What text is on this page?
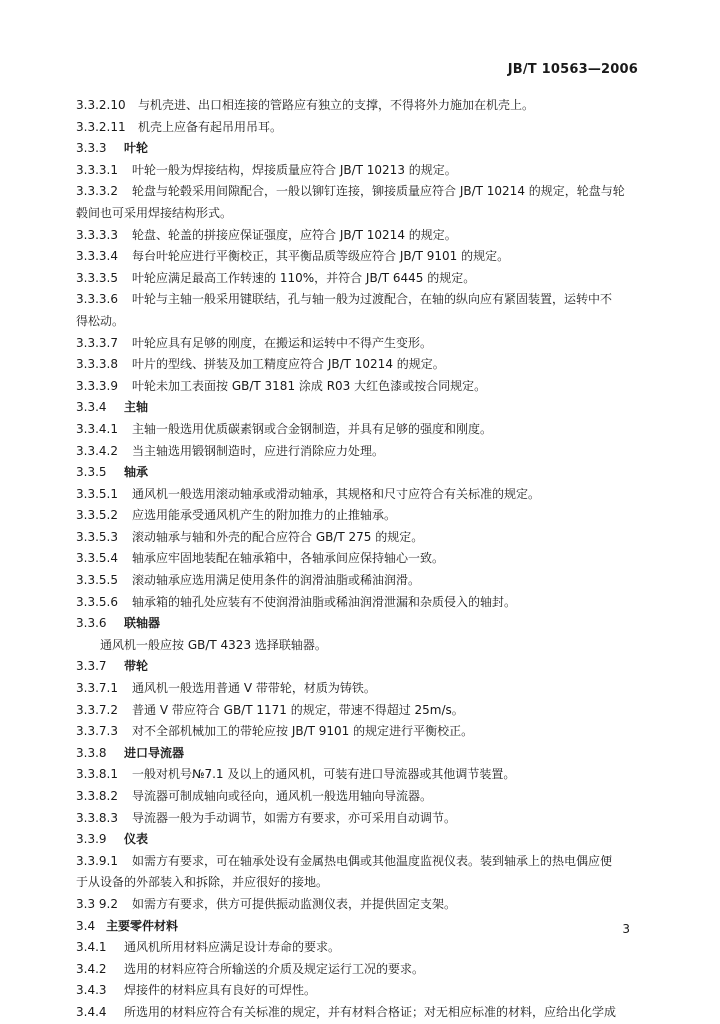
JB/T 10563—2006
3.3.2.10 与机壳进、出口相连接的管路应有独立的支撑，不得将外力施加在机壳上。
3.3.2.11 机壳上应备有起吊用吊耳。
3.3.3 叶轮
3.3.3.1 叶轮一般为焊接结构，焊接质量应符合 JB/T 10213 的规定。
3.3.3.2 轮盘与轮毂采用间隙配合，一般以铆钉连接，铆接质量应符合 JB/T 10214 的规定，轮盘与轮
毂间也可采用焊接结构形式。
3.3.3.3 轮盘、轮盖的拼接应保证强度，应符合 JB/T 10214 的规定。
3.3.3.4 每台叶轮应进行平衡校正，其平衡品质等级应符合 JB/T 9101 的规定。
3.3.3.5 叶轮应满足最高工作转速的 110%，并符合 JB/T 6445 的规定。
3.3.3.6 叶轮与主轴一般采用键联结，孔与轴一般为过渡配合，在轴的纵向应有紧固装置，运转中不
得松动。
3.3.3.7 叶轮应具有足够的刚度，在搬运和运转中不得产生变形。
3.3.3.8 叶片的型线、拼装及加工精度应符合 JB/T 10214 的规定。
3.3.3.9 叶轮未加工表面按 GB/T 3181 涂成 R03 大红色漆或按合同规定。
3.3.4 主轴
3.3.4.1 主轴一般选用优质碳素钢或合金钢制造，并具有足够的强度和刚度。
3.3.4.2 当主轴选用锻钢制造时，应进行消除应力处理。
3.3.5 轴承
3.3.5.1 通风机一般选用滚动轴承或滑动轴承，其规格和尺寸应符合有关标准的规定。
3.3.5.2 应选用能承受通风机产生的附加推力的止推轴承。
3.3.5.3 滚动轴承与轴和外壳的配合应符合 GB/T 275 的规定。
3.3.5.4 轴承应牢固地装配在轴承箱中，各轴承间应保持轴心一致。
3.3.5.5 滚动轴承应选用满足使用条件的润滑油脂或稀油润滑。
3.3.5.6 轴承箱的轴孔处应装有不使润滑油脂或稀油润滑泄漏和杂质侵入的轴封。
3.3.6 联轴器
通风机一般应按 GB/T 4323 选择联轴器。
3.3.7 带轮
3.3.7.1 通风机一般选用普通 V 带带轮，材质为铸铁。
3.3.7.2 普通 V 带应符合 GB/T 1171 的规定，带速不得超过 25m/s。
3.3.7.3 对不全部机械加工的带轮应按 JB/T 9101 的规定进行平衡校正。
3.3.8 进口导流器
3.3.8.1 一般对机号№7.1 及以上的通风机，可装有进口导流器或其他调节装置。
3.3.8.2 导流器可制成轴向或径向，通风机一般选用轴向导流器。
3.3.8.3 导流器一般为手动调节，如需方有要求，亦可采用自动调节。
3.3.9 仪表
3.3.9.1 如需方有要求，可在轴承处设有金属热电偶或其他温度监视仪表。装到轴承上的热电偶应便
于从设备的外部装入和拆除，并应很好的接地。
3.3 9.2 如需方有要求，供方可提供振动监测仪表，并提供固定支架。
3.4 主要零件材料
3.4.1 通风机所用材料应满足设计寿命的要求。
3.4.2 选用的材料应符合所输送的介质及规定运行工况的要求。
3.4.3 焊接件的材料应具有良好的可焊性。
3.4.4 所选用的材料应符合有关标准的规定，并有材料合格证；对无相应标准的材料，应给出化学成
3
